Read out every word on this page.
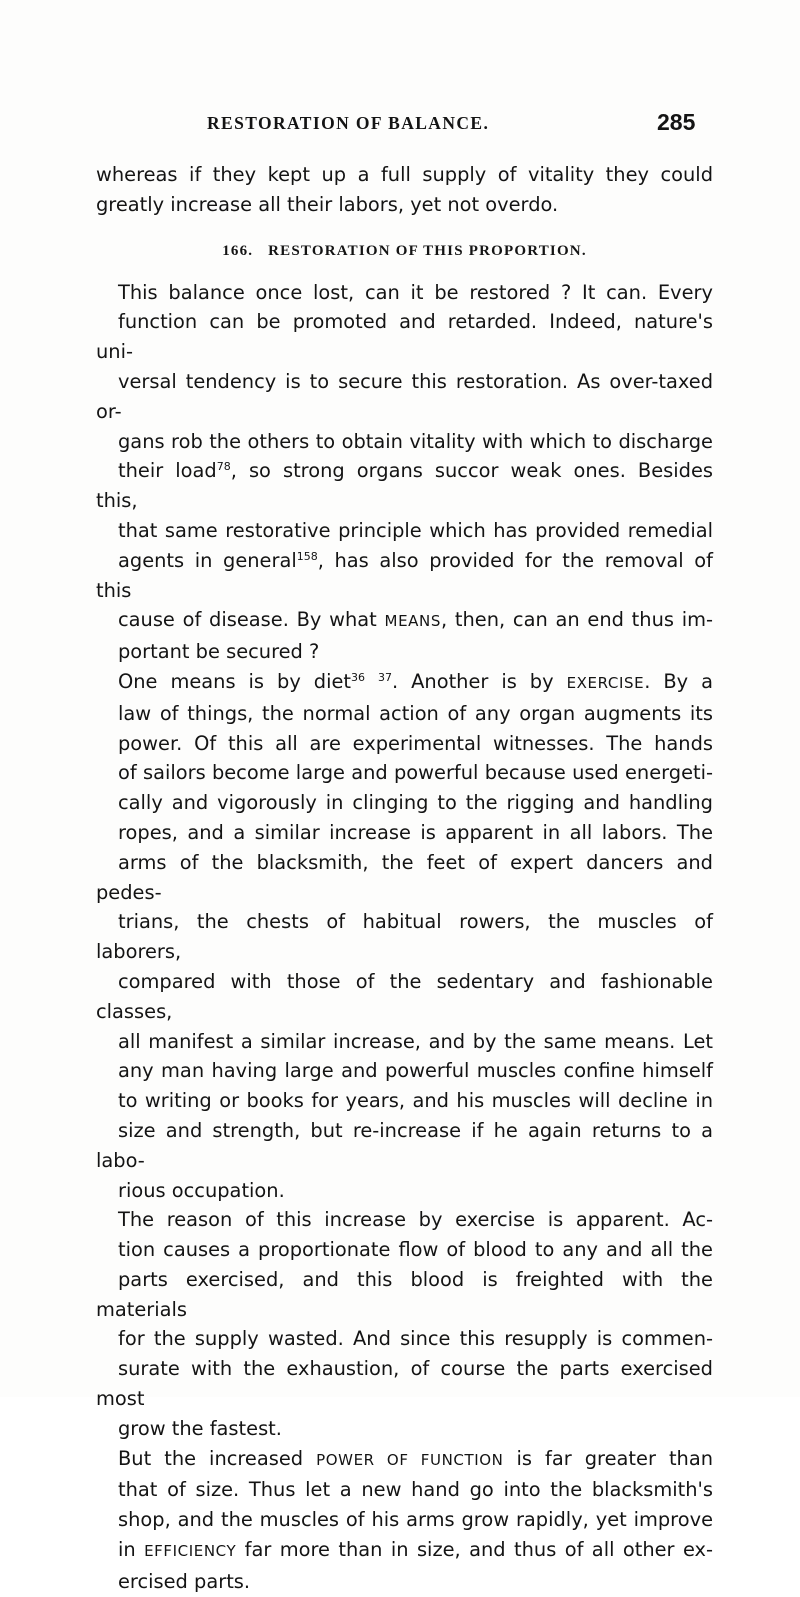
RESTORATION OF BALANCE.	285

whereas if they kept up a full supply of vitality they could
greatly increase all their labors, yet not overdo.

166. RESTORATION OF THIS PROPORTION.

This balance once lost, can it be restored ? It can. Every
function can be promoted and retarded. Indeed, nature's uni-
versal tendency is to secure this restoration. As over-taxed or-
gans rob the others to obtain vitality with which to discharge
their load$^{78}$, so strong organs succor weak ones. Besides this,
that same restorative principle which has provided remedial
agents in general$^{158}$, has also provided for the removal of this
cause of disease. By what MEANS, then, can an end thus im-
portant be secured ?

One means is by diet$^{36}$ $^{37}$. Another is by EXERCISE. By a
law of things, the normal action of any organ augments its
power. Of this all are experimental witnesses. The hands
of sailors become large and powerful because used energeti-
cally and vigorously in clinging to the rigging and handling
ropes, and a similar increase is apparent in all labors. The
arms of the blacksmith, the feet of expert dancers and pedes-
trians, the chests of habitual rowers, the muscles of laborers,
compared with those of the sedentary and fashionable classes,
all manifest a similar increase, and by the same means. Let
any man having large and powerful muscles confine himself
to writing or books for years, and his muscles will decline in
size and strength, but re-increase if he again returns to a labo-
rious occupation.

The reason of this increase by exercise is apparent. Ac-
tion causes a proportionate flow of blood to any and all the
parts exercised, and this blood is freighted with the materials
for the supply wasted. And since this resupply is commen-
surate with the exhaustion, of course the parts exercised most
grow the fastest.

But the increased POWER OF FUNCTION is far greater than
that of size. Thus let a new hand go into the blacksmith's
shop, and the muscles of his arms grow rapidly, yet improve
in EFFICIENCY far more than in size, and thus of all other ex-
ercised parts.
